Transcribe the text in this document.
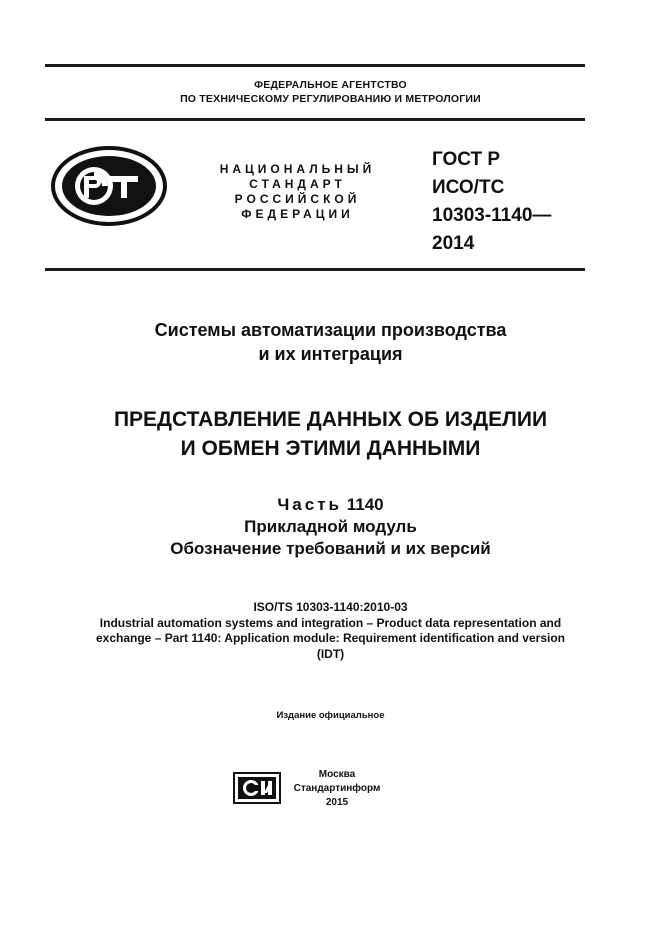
ФЕДЕРАЛЬНОЕ АГЕНТСТВО
ПО ТЕХНИЧЕСКОМУ РЕГУЛИРОВАНИЮ И МЕТРОЛОГИИ
НАЦИОНАЛЬНЫЙ
СТАНДАРТ
РОССИЙСКОЙ
ФЕДЕРАЦИИ
ГОСТ Р
ИСО/ТС
10303-1140—
2014
Системы автоматизации производства
и их интеграция
ПРЕДСТАВЛЕНИЕ ДАННЫХ ОБ ИЗДЕЛИИ
И ОБМЕН ЭТИМИ ДАННЫМИ
Часть 1140
Прикладной модуль
Обозначение требований и их версий
ISO/TS 10303-1140:2010-03
Industrial automation systems and integration – Product data representation and
exchange – Part 1140: Application module: Requirement identification and version
(IDT)
Издание официальное
Москва
Стандартинформ
2015
